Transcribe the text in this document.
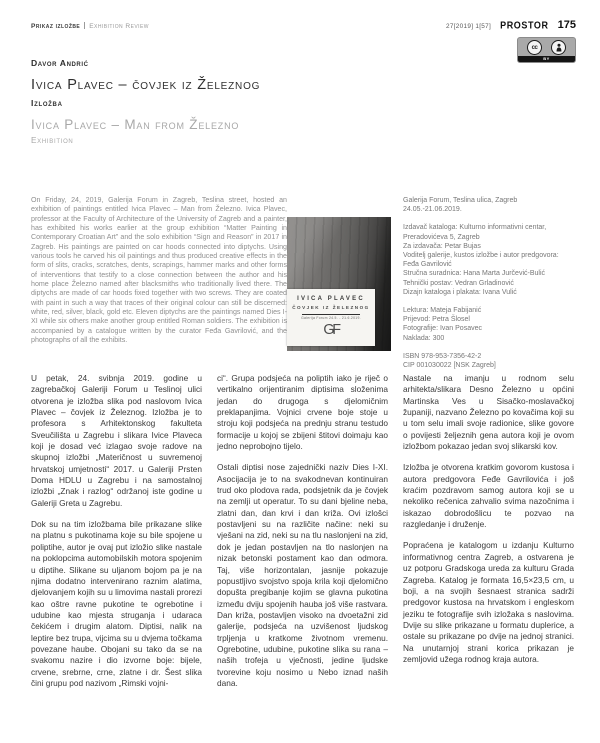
Prikaz izložbe Exhibition Review	27[2019] 1[57] PROSTOR 175
cc
BY
Davor Andrić
Ivica Plavec – čovjek iz Železnog
Izložba
Ivica Plavec – Man from Železno
Exhibition
On Friday, 24, 2019, Galerija Forum in Zagreb, Teslina street, hosted an exhibition of paintings entitled Ivica Plavec – Man from Železno. Ivica Plavec, professor at the Faculty of Architecture of the University of Zagreb and a painter, has exhibited his works earlier at the group exhibition “Matter Painting in Contemporary Croatian Art” and the solo exhibition “Sign and Reason” in 2017 in Zagreb. His paintings are painted on car hoods connected into diptychs. Using various tools he carved his oil paintings and thus produced creative effects in the form of slits, cracks, scratches, dents, scrapings, hammer marks and other forms of interventions that testify to a close connection between the author and his home place Železno named after blacksmiths who traditionally lived there. The diptychs are made of car hoods fixed together with two screws. They are coated with paint in such a way that traces of their original colour can still be discerned: white, red, silver, black, gold etc. Eleven diptychs are the paintings named Dies I-XI while six others make another group entitled Roman soldiers. The exhibition is accompanied by a catalogue written by the curator Feđa Gavrilović, and the photographs of all the exhibits.
IVICA PLAVEC
ČOVJEK IZ ŽELEZNOG
Galerija Forum 24.5. - 21.6.2019.
GF
Galerija Forum, Teslina ulica, Zagreb
24.05.-21.06.2019.
Izdavač kataloga: Kulturno informativni centar, Preradovićeva 5, Zagreb
Za izdavača: Petar Bujas
Voditelj galerije, kustos izložbe i autor predgovora: Feđa Gavrilović
Stručna suradnica: Hana Marta Jurčević-Bulić
Tehnički postav: Vedran Grladinović
Dizajn kataloga i plakata: Ivana Vulić
Lektura: Mateja Fabijanić
Prijevod: Petra Šlosel
Fotografije: Ivan Posavec
Naklada: 300
ISBN 978-953-7356-42-2
CIP 001030022 [NSK Zagreb]

U petak, 24. svibnja 2019. godine u zagrebačkoj Galeriji Forum u Teslinoj ulici otvorena je izložba slika pod naslovom Ivica Plavec – čovjek iz Železnog. Izložba je to profesora s Arhitektonskog fakulteta Sveučilišta u Zagrebu i slikara Ivice Plaveca koji je dosad već izlagao svoje radove na skupnoj izložbi „Materičnost u suvremenoj hrvatskoj umjetnosti“ 2017. u Galeriji Prsten Doma HDLU u Zagrebu i na samostalnoj izložbi „Znak i razlog“ održanoj iste godine u Galeriji Greta u Zagrebu.

Dok su na tim izložbama bile prikazane slike na platnu s pukotinama koje su bile spojene u poliptihe, autor je ovaj put izložio slike nastale na poklopcima automobilskih motora spojenim u diptihe. Slikane su uljanom bojom pa je na njima dodatno intervenirano raznim alatima, djelovanjem kojih su u limovima nastali prorezi kao oštre ravne pukotine te ogrebotine i udubine kao mjesta struganja i udaraca čekićem i drugim alatom. Diptisi, nalik na leptire bez trupa, vijcima su u dvjema točkama povezane haube. Obojani su tako da se na svakomu nazire i dio izvorne boje: bijele, crvene, srebrne, crne, zlatne i dr. Šest slika čini grupu pod nazivom „Rimski vojni-

ci“. Grupa podsjeća na poliptih iako je riječ o vertikalno orijentiranim diptisima složenima jedan do drugoga s djelomičnim preklapanjima. Vojnici crvene boje stoje u stroju koji podsjeća na prednju stranu testudo formacije u kojoj se zbijeni štitovi doimaju kao jedno neprobojno tijelo.

Ostali diptisi nose zajednički naziv Dies I-XI. Asocijacija je to na svakodnevan kontinuiran trud oko plodova rada, podsjetnik da je čovjek na zemlji ut operatur. To su dani bjeline neba, zlatni dan, dan krvi i dan križa. Ovi izlošci postavljeni su na različite načine: neki su vješani na zid, neki su na tlu naslonjeni na zid, dok je jedan postavljen na tlo naslonjen na nizak betonski postament kao dan odmora. Taj, više horizontalan, jasnije pokazuje popustljivo svojstvo spoja krila koji djelomično dopušta pregibanje kojim se glavna pukotina između dviju spojenih hauba još više rastvara. Dan križa, postavljen visoko na dvoetažni zid galerije, podsjeća na uzvišenost ljudskog trpljenja u kratkome životnom vremenu. Ogrebotine, udubine, pukotine slika su rana – naših trofeja u vječnosti, jedine ljudske tvorevine koju nosimo u Nebo iznad naših dana.

Nastale na imanju u rodnom selu arhitekta/slikara Desno Železno u općini Martinska Ves u Sisačko-moslavačkoj županiji, nazvano Železno po kovačima koji su u tom selu imali svoje radionice, slike govore o povijesti željeznih gena autora koji je ovom izložbom pokazao jedan svoj slikarski kov.

Izložba je otvorena kratkim govorom kustosa i autora predgovora Feđe Gavrilovića i još kraćim pozdravom samog autora koji se u nekoliko rečenica zahvalio svima nazočnima i iskazao dobrodošlicu te pozvao na razgledanje i druženje.

Popraćena je katalogom u izdanju Kulturno informativnog centra Zagreb, a ostvarena je uz potporu Gradskoga ureda za kulturu Grada Zagreba. Katalog je formata 16,5×23,5 cm, u boji, a na svojih šesnaest stranica sadrži predgovor kustosa na hrvatskom i engleskom jeziku te fotografije svih izložaka s naslovima. Dvije su slike prikazane u formatu duplerice, a ostale su prikazane po dvije na jednoj stranici. Na unutarnjoj strani korica prikazan je zemljovid užega rodnog kraja autora.
